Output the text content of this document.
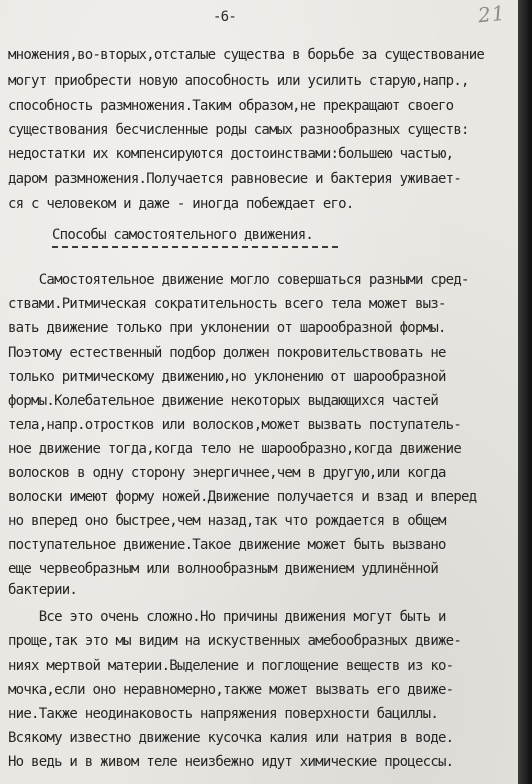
-6-	21
множения,во-вторых,отсталые существа в борьбе за существование
могут приобрести новую апособность или усилить старую,напр.,
способность размножения.Таким образом,не прекращают своего
существования бесчисленные роды самых разнообразных существ:
недостатки их компенсируются достоинствами:большею частью,
даром размножения.Получается равновесие и бактерия уживает-
ся с человеком и даже - иногда побеждает его.
Способы самостоятельного движения.
Самостоятельное движение могло совершаться разными сред-
ствами.Ритмическая сократительность всего тела может выз-
вать движение только при уклонении от шарообразной формы.
Поэтому естественный подбор должен покровительствовать не
только ритмическому движению,но уклонению от шарообразной
формы.Колебательное движение некоторых выдающихся частей
тела,напр.отростков или волосков,может вызвать поступатель-
ное движение тогда,когда тело не шарообразно,когда движение
волосков в одну сторону энергичнее,чем в другую,или когда
волоски имеют форму ножей.Движение получается и взад и вперед
но вперед оно быстрее,чем назад,так что рождается в общем
поступательное движение.Такое движение может быть вызвано
еще червеобразным или волнообразным движением удлинённой
бактерии.
Все это очень сложно.Но причины движения могут быть и
проще,так это мы видим на искуственных амебообразных движе-
ниях мертвой материи.Выделение и поглощение веществ из ко-
мочка,если оно неравномерно,также может вызвать его движе-
ние.Также неодинаковость напряжения поверхности бациллы.
Всякому известно движение кусочка калия или натрия в воде.
Но ведь и в живом теле неизбежно идут химические процессы.
